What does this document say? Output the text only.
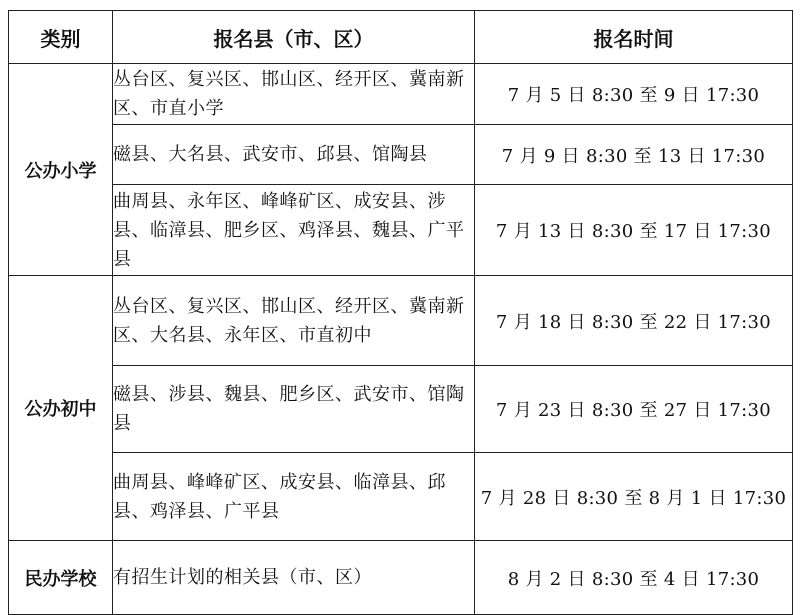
类别	报名县（市、区）	报名时间
公办小学	丛台区、复兴区、邯山区、经开区、冀南新区、市直小学	7 月 5 日 8:30 至 9 日 17:30
	磁县、大名县、武安市、邱县、馆陶县	7 月 9 日 8:30 至 13 日 17:30
	曲周县、永年区、峰峰矿区、成安县、涉县、临漳县、肥乡区、鸡泽县、魏县、广平县	7 月 13 日 8:30 至 17 日 17:30
公办初中	丛台区、复兴区、邯山区、经开区、冀南新区、大名县、永年区、市直初中	7 月 18 日 8:30 至 22 日 17:30
	磁县、涉县、魏县、肥乡区、武安市、馆陶县	7 月 23 日 8:30 至 27 日 17:30
	曲周县、峰峰矿区、成安县、临漳县、邱县、鸡泽县、广平县	7 月 28 日 8:30 至 8 月 1 日 17:30
民办学校	有招生计划的相关县（市、区）	8 月 2 日 8:30 至 4 日 17:30
